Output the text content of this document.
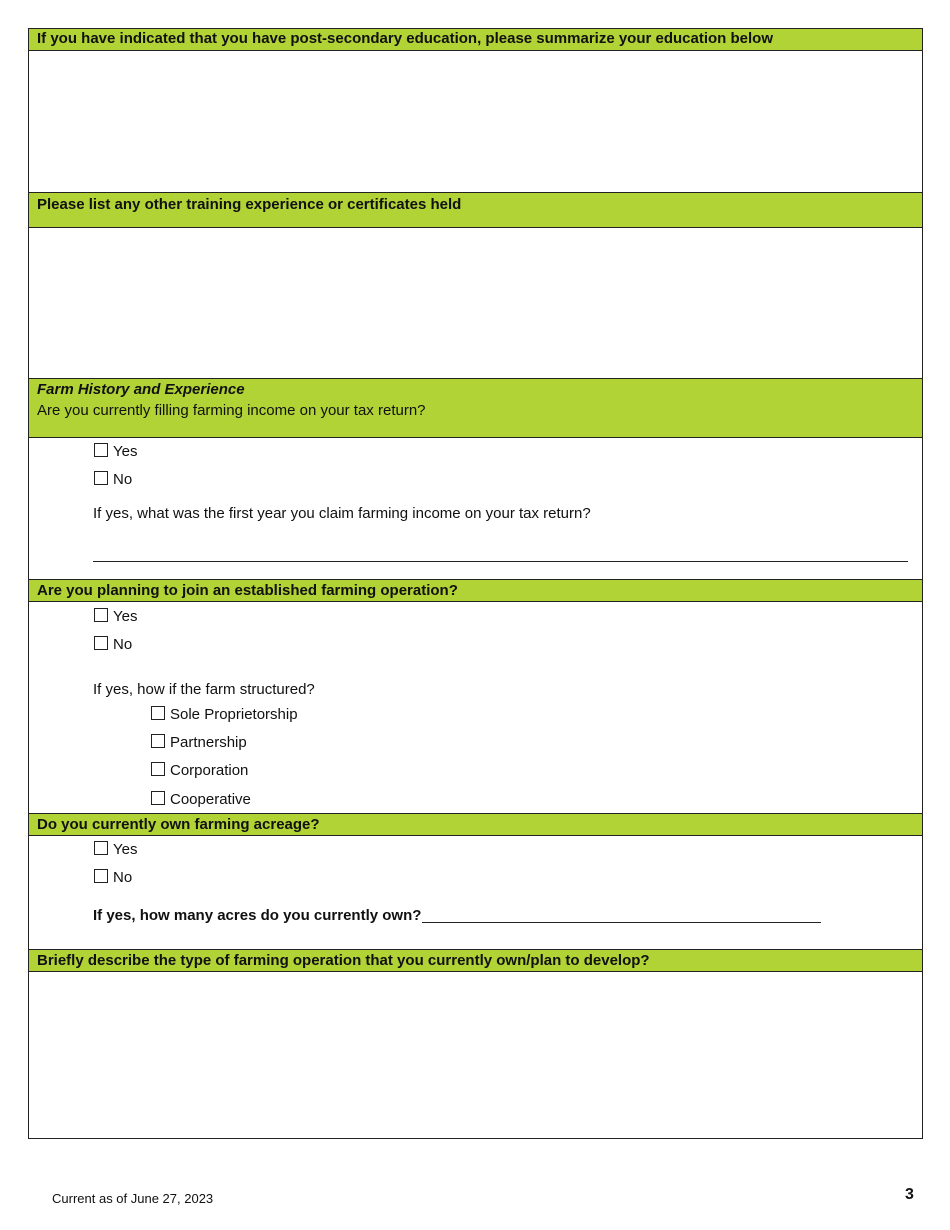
If you have indicated that you have post-secondary education, please summarize your education below
Please list any other training experience or certificates held
Farm History and Experience
Are you currently filling farming income on your tax return?
Yes
No
If yes, what was the first year you claim farming income on your tax return?
Are you planning to join an established farming operation?
Yes
No
If yes, how if the farm structured?
Sole Proprietorship
Partnership
Corporation
Cooperative
Do you currently own farming acreage?
Yes
No
If yes, how many acres do you currently own?
Briefly describe the type of farming operation that you currently own/plan to develop?
Current as of June 27, 2023	3
